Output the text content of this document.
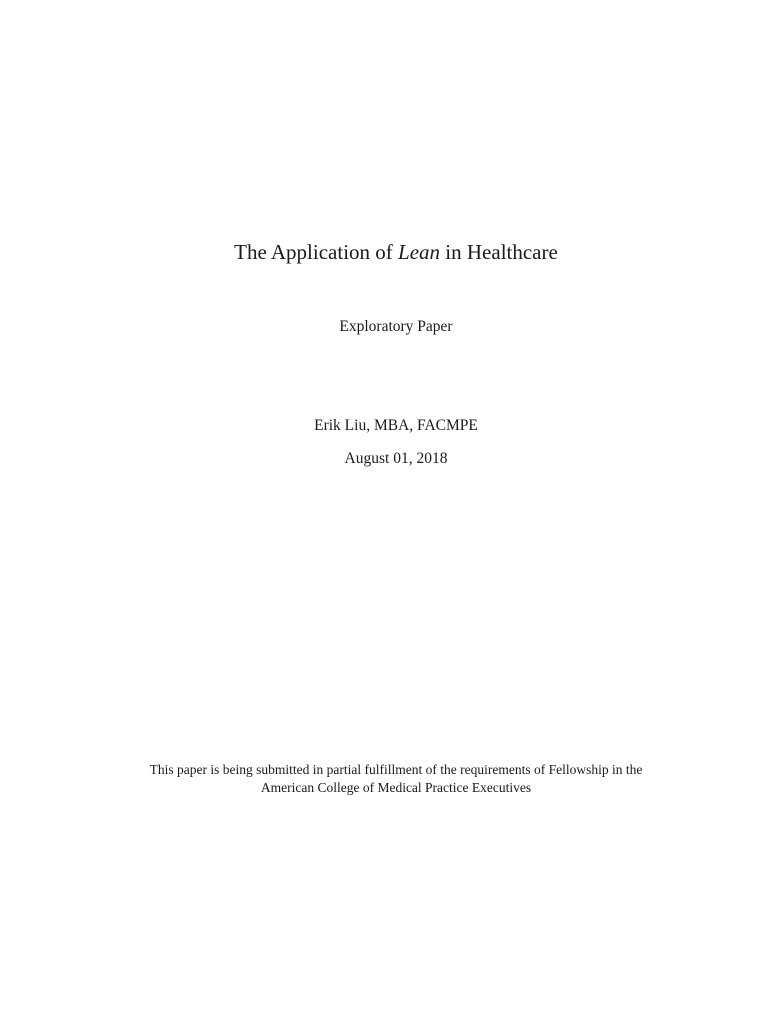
The Application of Lean in Healthcare
Exploratory Paper
Erik Liu, MBA, FACMPE
August 01, 2018
This paper is being submitted in partial fulfillment of the requirements of Fellowship in the
American College of Medical Practice Executives
